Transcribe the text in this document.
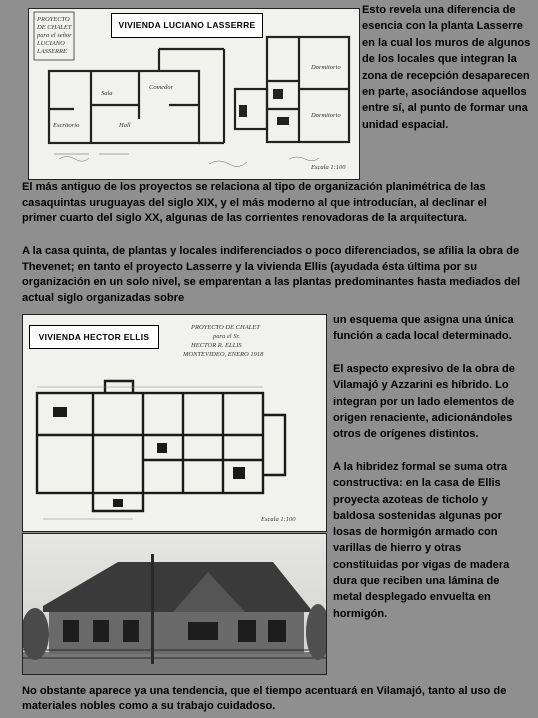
PROYECTO
DE CHALET
para el señor
LUCIANO
LASSERRE
Comedor
Sala
Hall
Escritorio
Dormitorio
Dormitorio
Escala 1:100
VIVIENDA LUCIANO LASSERRE

Esto revela una diferencia de esencia con la planta Lasserre en la cual los muros de algunos de los locales que integran la zona de recepción desaparecen en parte, asociándose aquellos entre sí, al punto de formar una unidad espacial.

El más antiguo de los proyectos se relaciona al tipo de organización planimétrica de las casaquintas uruguayas del siglo XIX, y el más moderno al que introducían, al declinar el primer cuarto del siglo XX, algunas de las corrientes renovadoras de la arquitectura.

A la casa quinta, de plantas y locales indiferenciados o poco diferenciados, se afilia la obra de Thevenet; en tanto el proyecto Lasserre y la vivienda Ellis (ayudada ésta última por su organización en un solo nivel, se emparentan a las plantas predominantes hasta mediados del actual siglo organizadas sobre

PROYECTO DE CHALET
para el Sr.
HECTOR R. ELLIS
MONTEVIDEO, ENERO 1918
Escala 1:100
VIVIENDA HECTOR ELLIS

un esquema que asigna una única función a cada local determinado.

El aspecto expresivo de la obra de Vilamajó y Azzarini es híbrido. Lo integran por un lado elementos de origen renaciente, adicionándoles otros de orígenes distintos.

A la hibridez formal se suma otra constructiva: en la casa de Ellis proyecta azoteas de ticholo y baldosa sostenidas algunas por losas de hormigón armado con varillas de hierro y otras constituidas por vigas de madera dura que reciben una lámina de metal desplegado envuelta en hormigón.

No obstante aparece ya una tendencia, que el tiempo acentuará en Vilamajó, tanto al uso de materiales nobles como a su trabajo cuidadoso.
